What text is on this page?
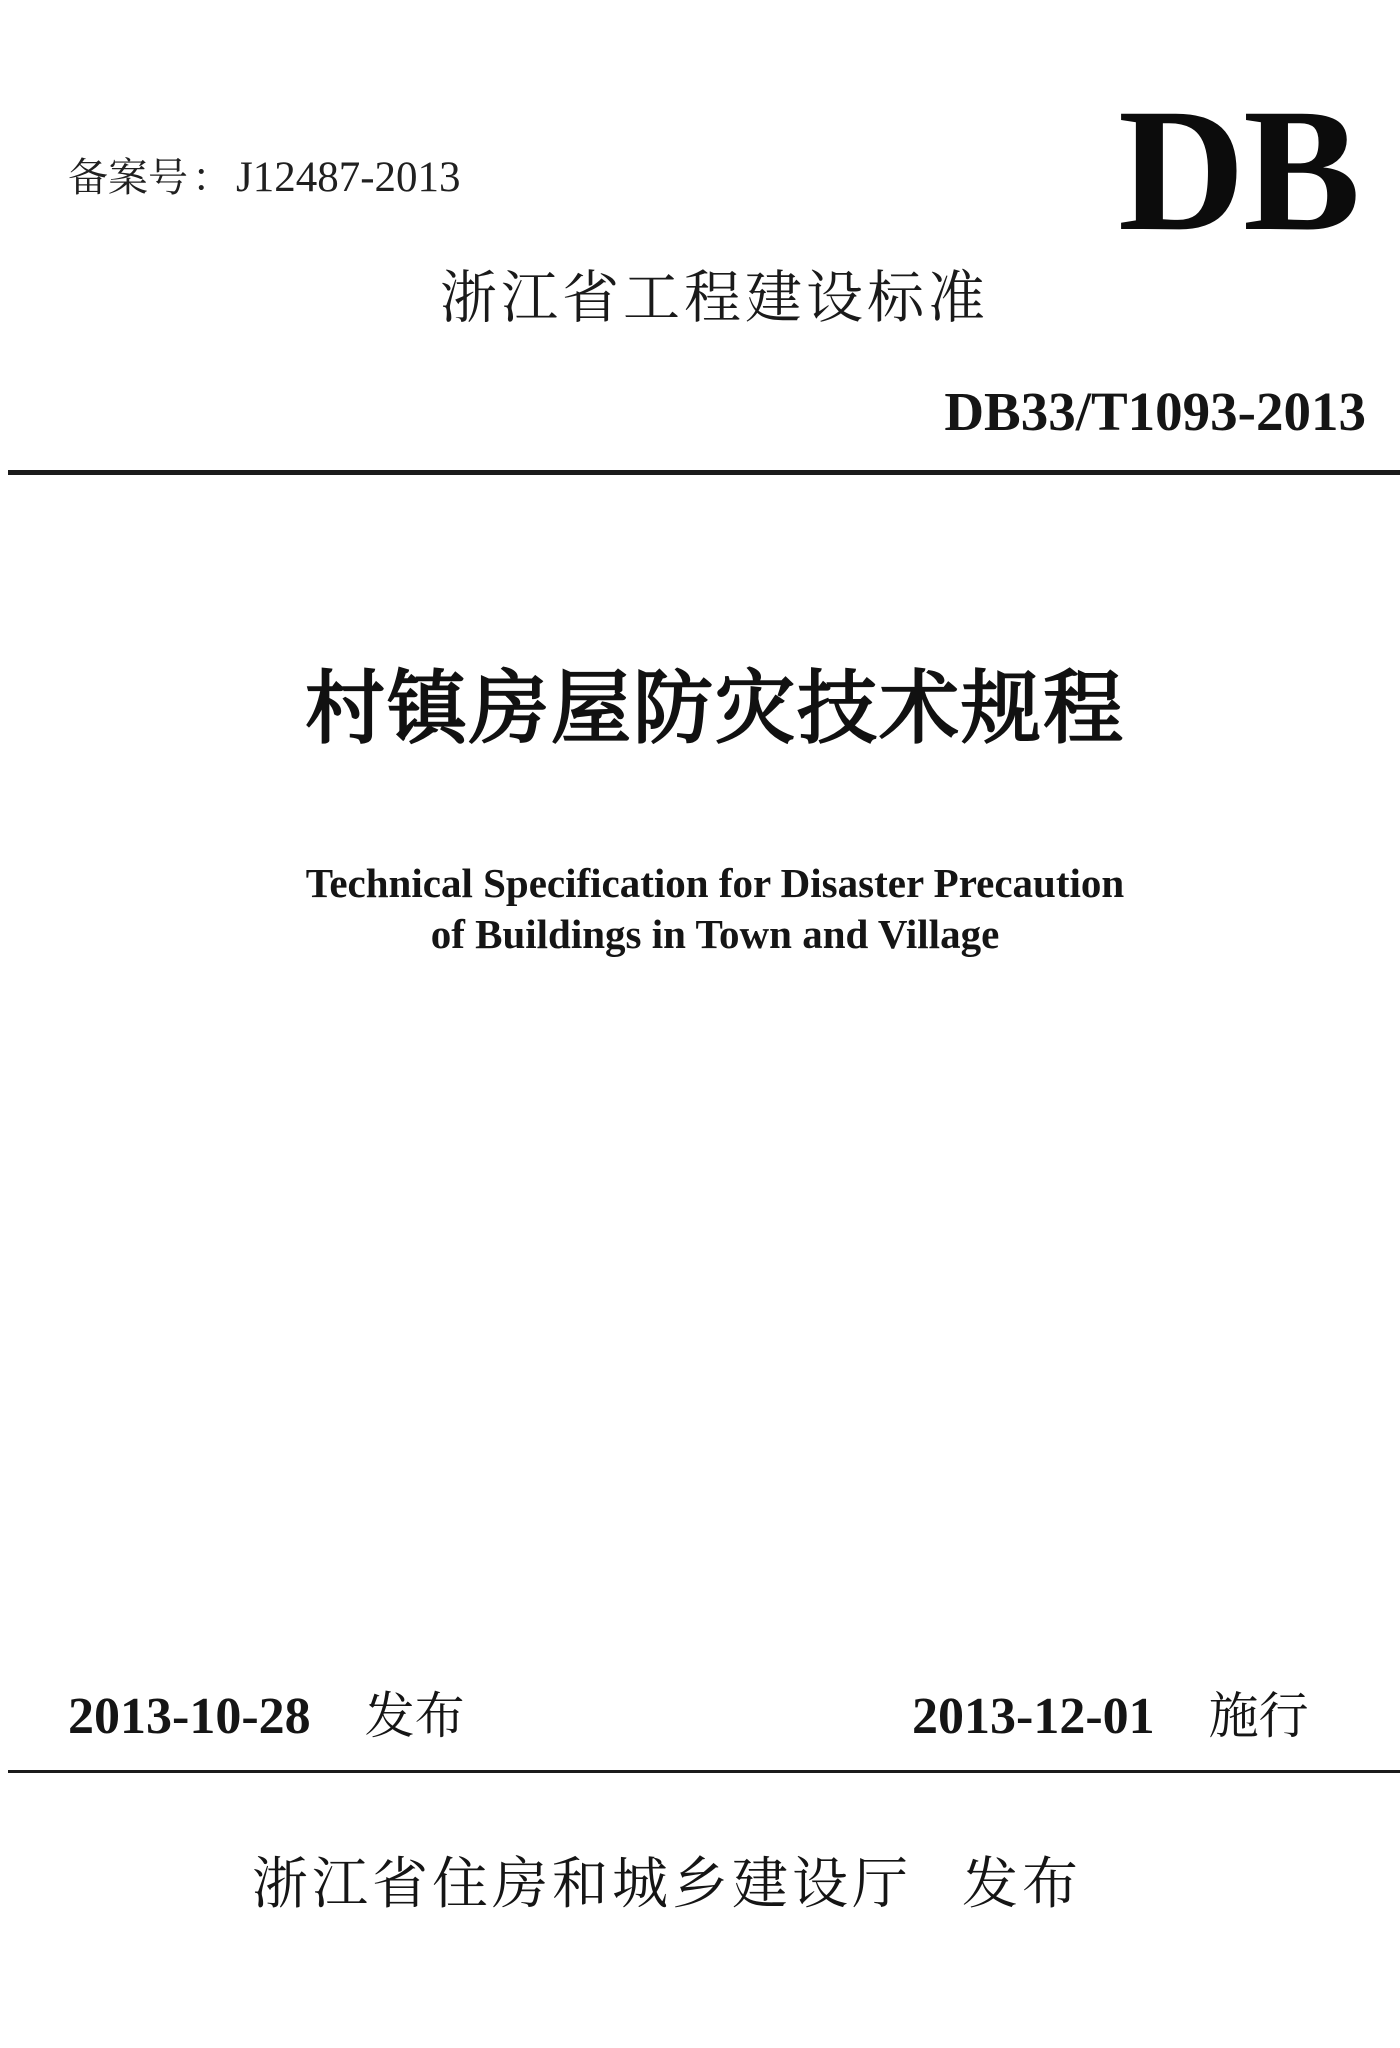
备案号 ：J12487-2013	DB
浙江省工程建设标准
DB33/T1093-2013
村镇房屋防灾技术规程
Technical Specification for Disaster Precaution
of Buildings in Town and Village
2013-10-28 发布	2013-12-01 施行
浙江省住房和城乡建设厅 发布
